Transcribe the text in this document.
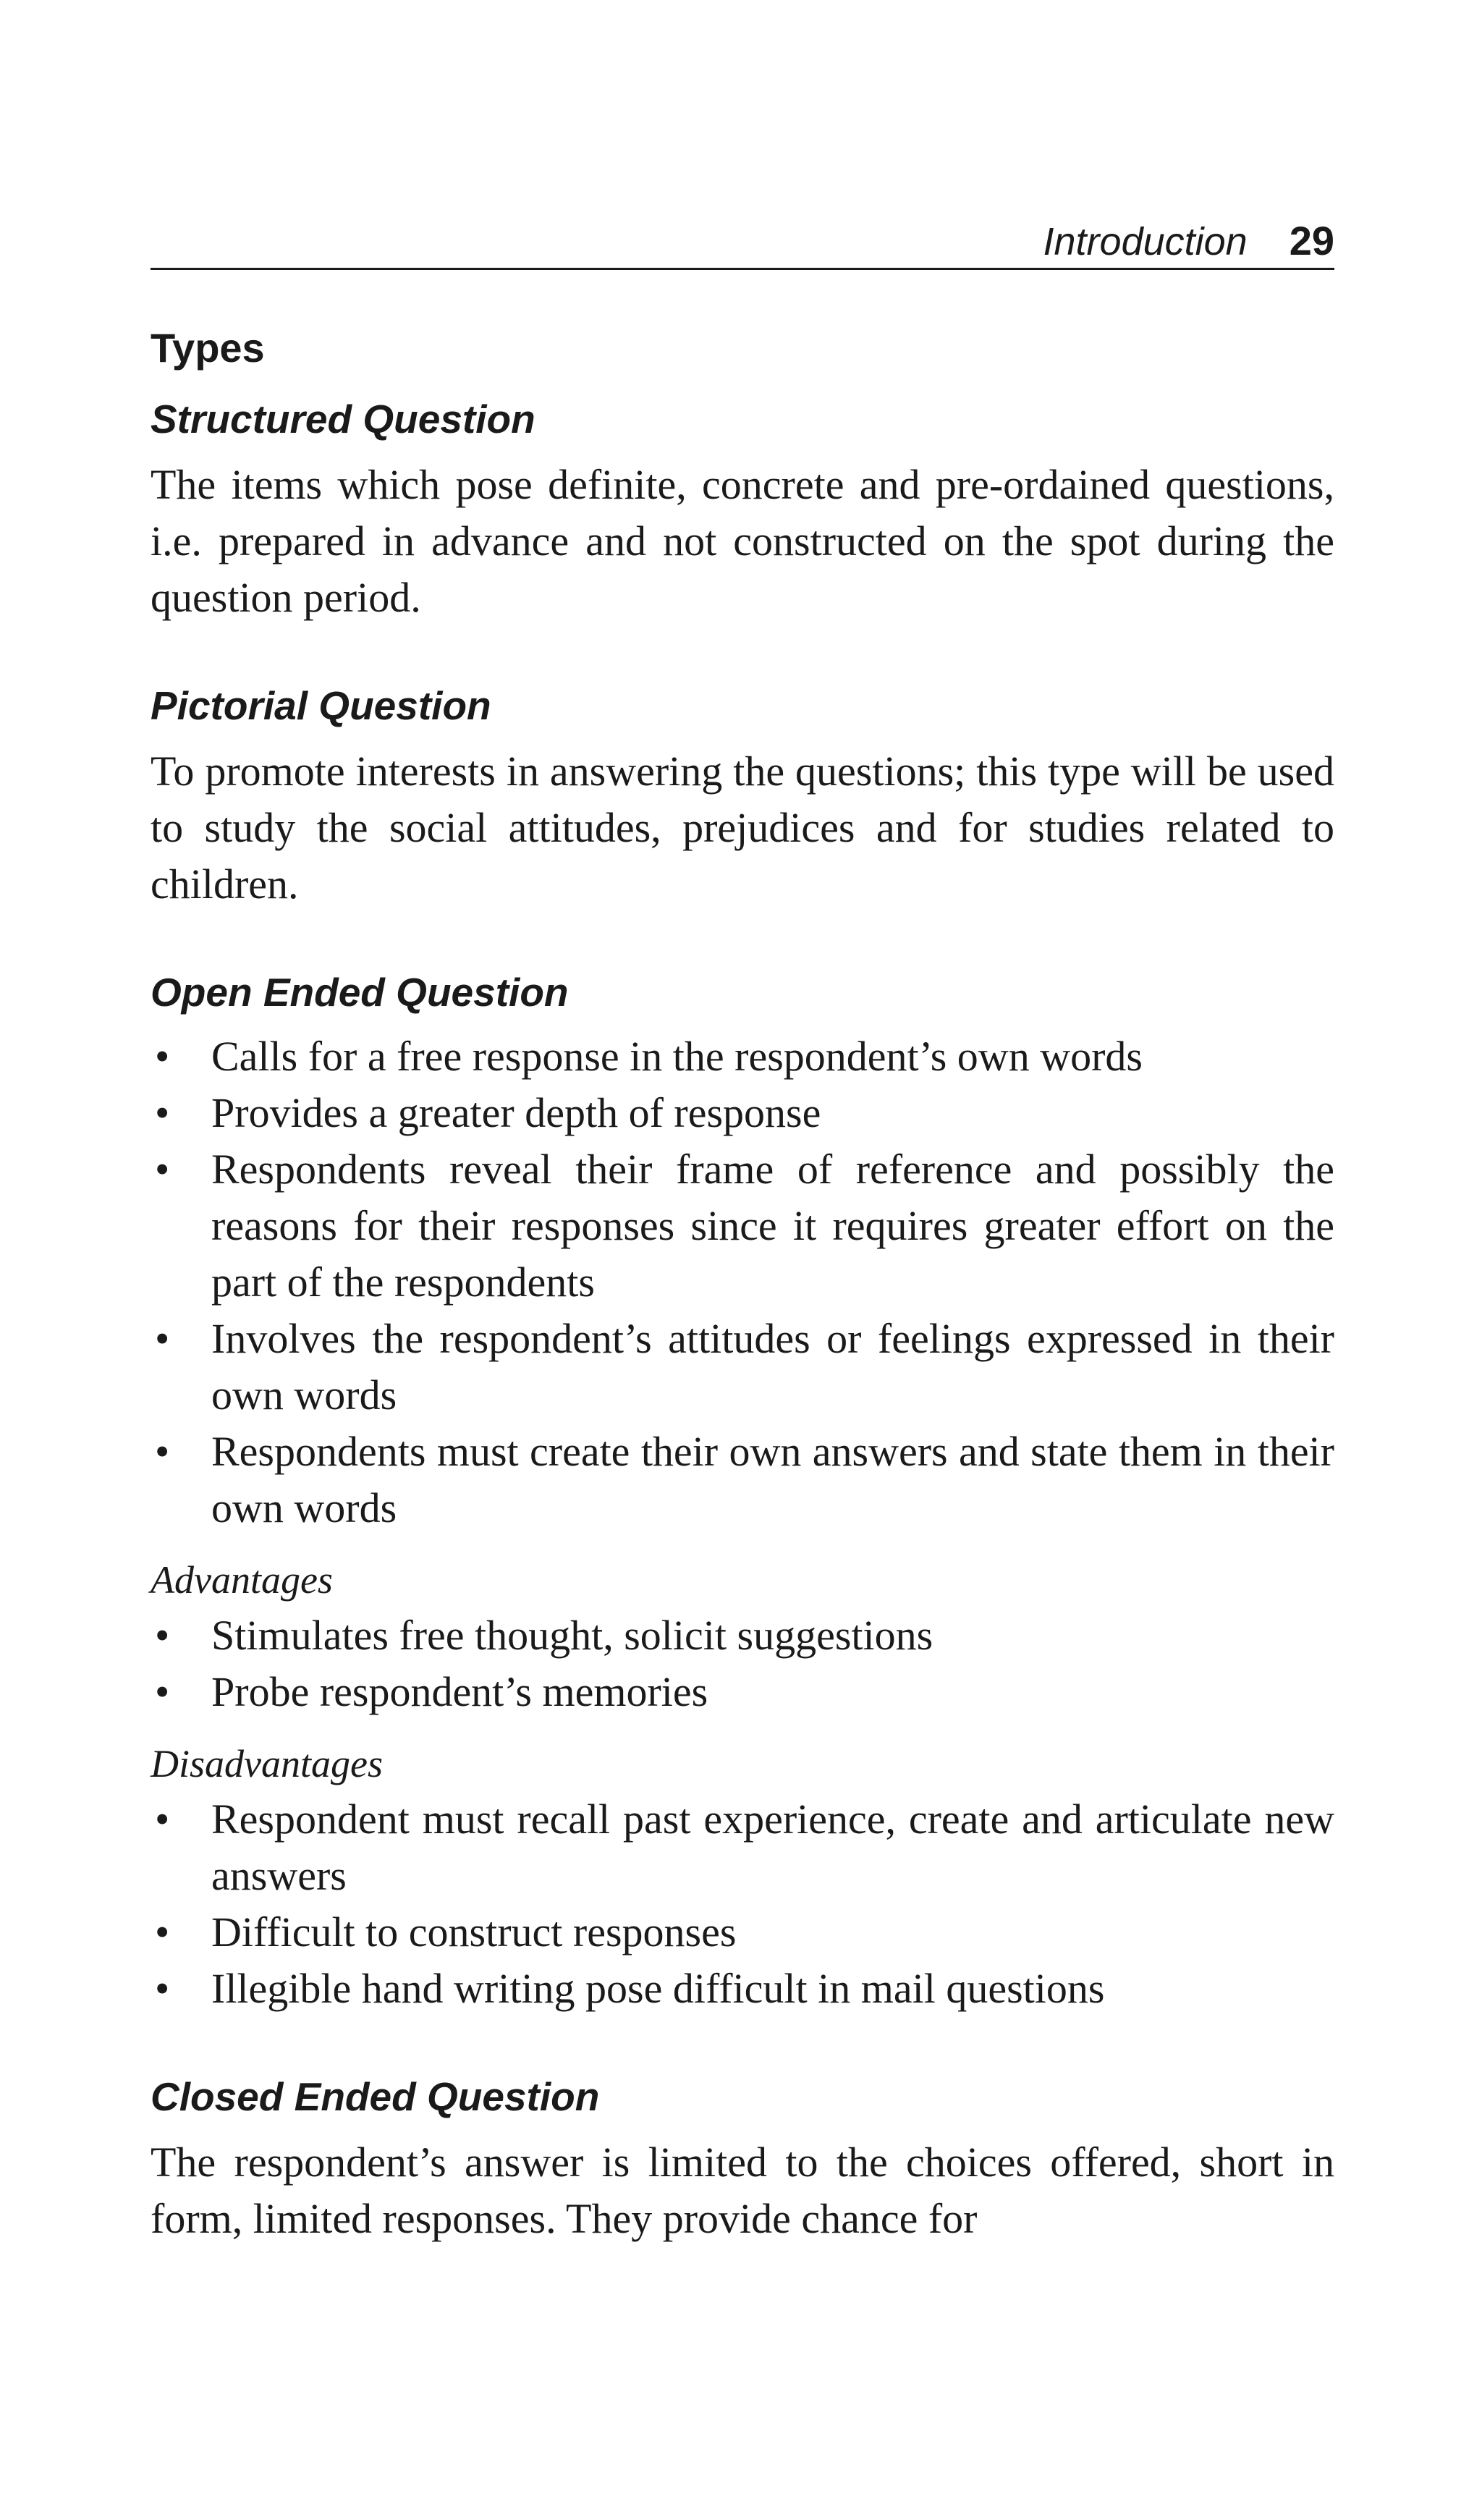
Introduction 29
Types
Structured Question

The items which pose definite, concrete and pre-ordained questions, i.e. prepared in advance and not constructed on the spot during the question period.

Pictorial Question

To promote interests in answering the questions; this type will be used to study the social attitudes, prejudices and for studies related to children.

Open Ended Question
• Calls for a free response in the respondent’s own words
• Provides a greater depth of response
• Respondents reveal their frame of reference and possibly the reasons for their responses since it requires greater effort on the part of the respondents
• Involves the respondent’s attitudes or feelings expressed in their own words
• Respondents must create their own answers and state them in their own words
Advantages
• Stimulates free thought, solicit suggestions
• Probe respondent’s memories
Disadvantages
• Respondent must recall past experience, create and articulate new answers
• Difficult to construct responses
• Illegible hand writing pose difficult in mail questions
Closed Ended Question

The respondent’s answer is limited to the choices offered, short in form, limited responses. They provide chance for
